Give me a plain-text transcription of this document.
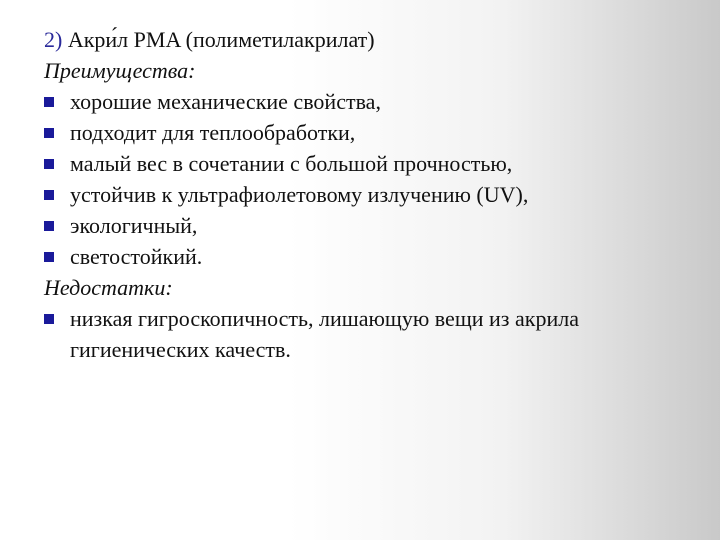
2) Акри́л PMA (полиметилакрилат)
Преимущества:
хорошие механические свойства,
подходит для теплообработки,
малый вес в сочетании с большой прочностью,
устойчив к ультрафиолетовому излучению (UV),
экологичный,
светостойкий.
Недостатки:
низкая гигроскопичность, лишающую вещи из акрила гигиенических качеств.
